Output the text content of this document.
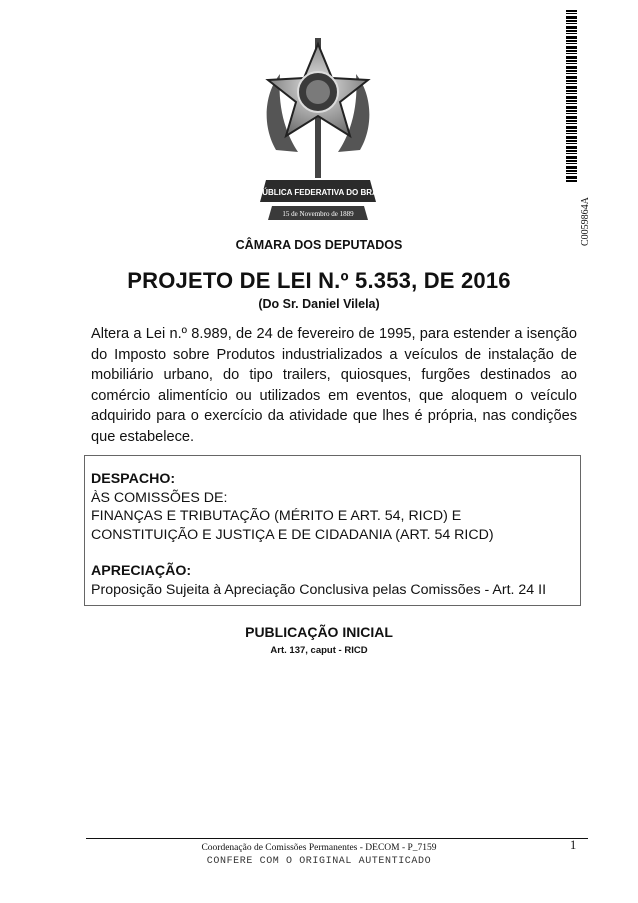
REPÚBLICA FEDERATIVA DO BRASIL
15 de Novembro de 1889	C0059864A
CÂMARA DOS DEPUTADOS
PROJETO DE LEI N.º 5.353, DE 2016
(Do Sr. Daniel Vilela)
Altera a Lei n.º 8.989, de 24 de fevereiro de 1995, para estender a isenção do Imposto sobre Produtos industrializados a veículos de instalação de mobiliário urbano, do tipo trailers, quiosques, furgões destinados ao comércio alimentício ou utilizados em eventos, que aloquem o veículo adquirido para o exercício da atividade que lhes é própria, nas condições que estabelece.
DESPACHO:
ÀS COMISSÕES DE:
FINANÇAS E TRIBUTAÇÃO (MÉRITO E ART. 54, RICD) E
CONSTITUIÇÃO E JUSTIÇA E DE CIDADANIA (ART. 54 RICD)
APRECIAÇÃO:
Proposição Sujeita à Apreciação Conclusiva pelas Comissões - Art. 24 II
PUBLICAÇÃO INICIAL
Art. 137, caput - RICD
Coordenação de Comissões Permanentes - DECOM - P_7159	1
CONFERE COM O ORIGINAL AUTENTICADO
